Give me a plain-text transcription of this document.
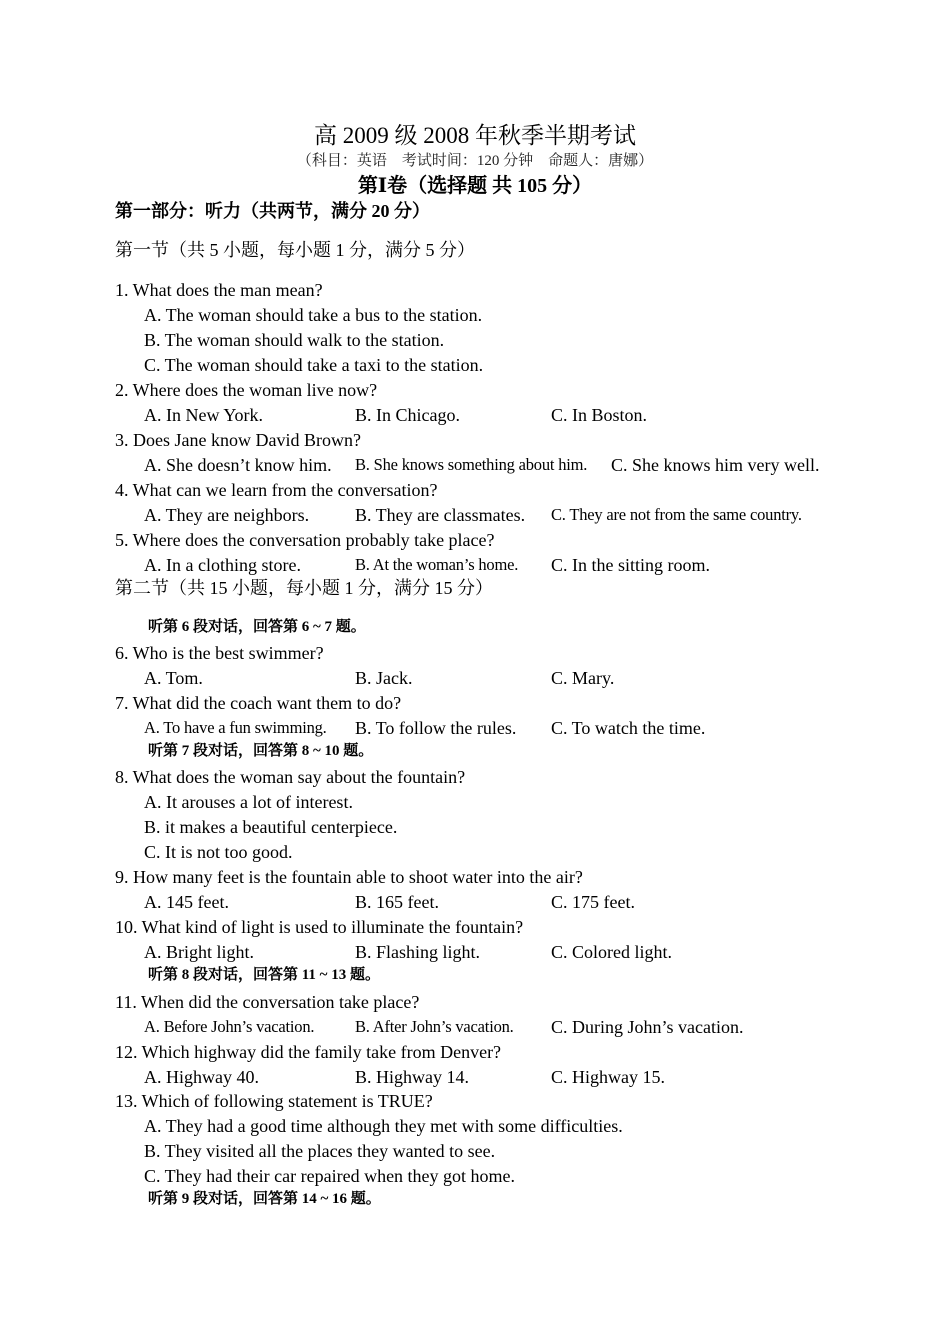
高 2009 级 2008 年秋季半期考试
（科目：英语　考试时间：120 分钟　命题人：唐娜）
第Ⅰ卷（选择题 共 105 分）
第一部分：听力（共两节，满分 20 分）
第一节（共 5 小题，每小题 1 分，满分 5 分）
1. What does the man mean?
A. The woman should take a bus to the station.
B. The woman should walk to the station.
C. The woman should take a taxi to the station.
2. Where does the woman live now?
A. In New York.	B. In Chicago.	C. In Boston.
3. Does Jane know David Brown?
A. She doesn’t know him. B. She knows something about him. C. She knows him very well.
4. What can we learn from the conversation?
A. They are neighbors.	B. They are classmates. C. They are not from the same country.
5. Where does the conversation probably take place?
A. In a clothing store.	B. At the woman’s home. C. In the sitting room.
第二节（共 15 小题，每小题 1 分，满分 15 分）
听第 6 段对话，回答第 6 ~ 7 题。
6. Who is the best swimmer?
A. Tom.	B. Jack.	C. Mary.
7. What did the coach want them to do?
A. To have a fun swimming. B. To follow the rules. C. To watch the time.
听第 7 段对话，回答第 8 ~ 10 题。
8. What does the woman say about the fountain?
A. It arouses a lot of interest.
B. it makes a beautiful centerpiece.
C. It is not too good.
9. How many feet is the fountain able to shoot water into the air?
A. 145 feet.	B. 165 feet.	C. 175 feet.
10. What kind of light is used to illuminate the fountain?
A. Bright light.	B. Flashing light.	C. Colored light.
听第 8 段对话，回答第 11 ~ 13 题。
11. When did the conversation take place?
A. Before John’s vacation. B. After John’s vacation. C. During John’s vacation.
12. Which highway did the family take from Denver?
A. Highway 40.	B. Highway 14.	C. Highway 15.
13. Which of following statement is TRUE?
A. They had a good time although they met with some difficulties.
B. They visited all the places they wanted to see.
C. They had their car repaired when they got home.
听第 9 段对话，回答第 14 ~ 16 题。
